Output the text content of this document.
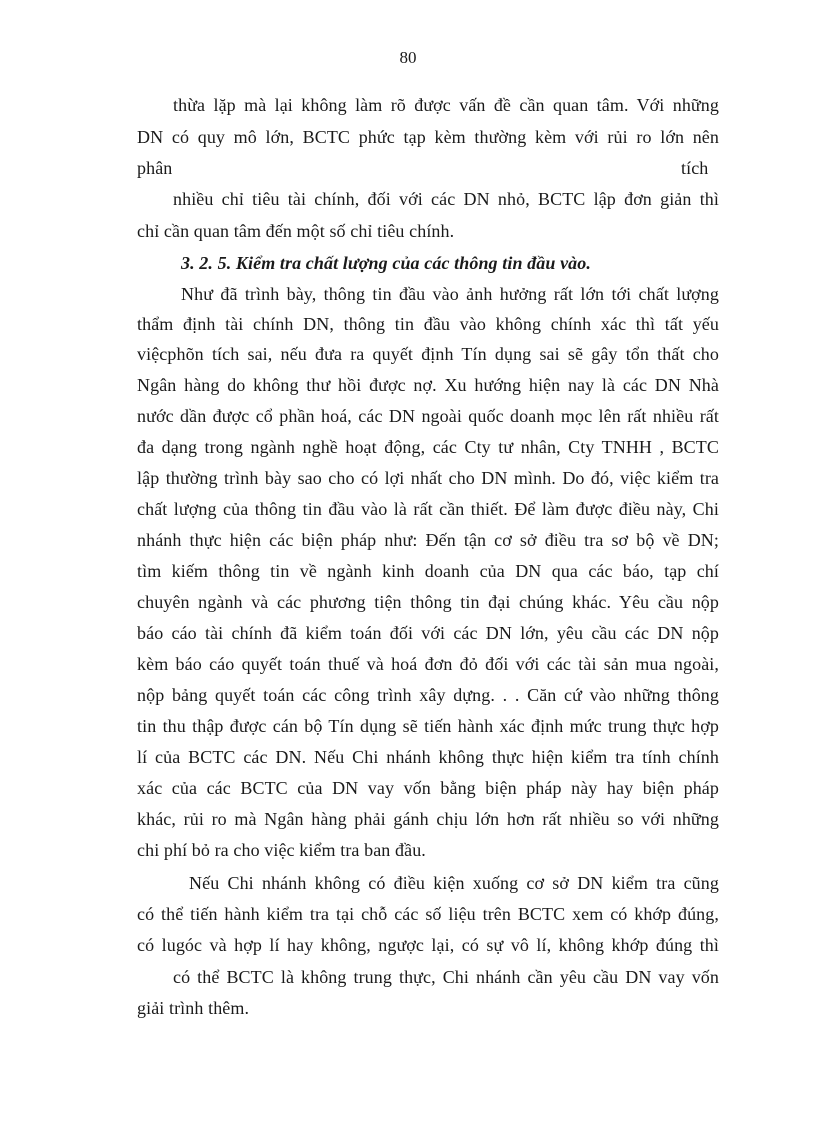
80
thừa lặp mà lại không làm rõ được vấn đề cần quan tâm. Với những
DN có quy mô lớn, BCTC phức tạp kèm thường kèm với rủi ro lớn nên
phân	tích
nhiều chỉ tiêu tài chính, đối với các DN nhỏ, BCTC lập đơn giản thì
chỉ cần quan tâm đến một số chỉ tiêu chính.
3. 2. 5. Kiểm tra chất lượng của các thông tin đầu vào.
Như đã trình bày, thông tin đầu vào ảnh hưởng rất lớn tới chất lượng
thẩm định tài chính DN, thông tin đầu vào không chính xác thì tất yếu
việcphõn tích sai, nếu đưa ra quyết định Tín dụng sai sẽ gây tổn thất cho
Ngân hàng do không thư hồi được nợ. Xu hướng hiện nay là các DN Nhà
nước dần được cổ phần hoá, các DN ngoài quốc doanh mọc lên rất nhiều rất
đa dạng trong ngành nghề hoạt động, các Cty tư nhân, Cty TNHH , BCTC
lập thường trình bày sao cho có lợi nhất cho DN mình. Do đó, việc kiểm tra
chất lượng của thông tin đầu vào là rất cần thiết. Để làm được điều này, Chi
nhánh thực hiện các biện pháp như: Đến tận cơ sở điều tra sơ bộ về DN;
tìm kiếm thông tin về ngành kinh doanh của DN qua các báo, tạp chí
chuyên ngành và các phương tiện thông tin đại chúng khác. Yêu cầu nộp
báo cáo tài chính đã kiểm toán đối với các DN lớn, yêu cầu các DN nộp
kèm báo cáo quyết toán thuế và hoá đơn đỏ đối với các tài sản mua ngoài,
nộp bảng quyết toán các công trình xây dựng. . . Căn cứ vào những thông
tin thu thập được cán bộ Tín dụng sẽ tiến hành xác định mức trung thực hợp
lí của BCTC các DN. Nếu Chi nhánh không thực hiện kiểm tra tính chính
xác của các BCTC của DN vay vốn bằng biện pháp này hay biện pháp
khác, rủi ro mà Ngân hàng phải gánh chịu lớn hơn rất nhiều so với những
chi phí bỏ ra cho việc kiểm tra ban đầu.
Nếu Chi nhánh không có điều kiện xuống cơ sở DN kiểm tra cũng
có thể tiến hành kiểm tra tại chỗ các số liệu trên BCTC xem có khớp đúng,
có lugóc và hợp lí hay không, ngược lại, có sự vô lí, không khớp đúng thì
có thể BCTC là không trung thực, Chi nhánh cần yêu cầu DN vay vốn
giải trình thêm.
